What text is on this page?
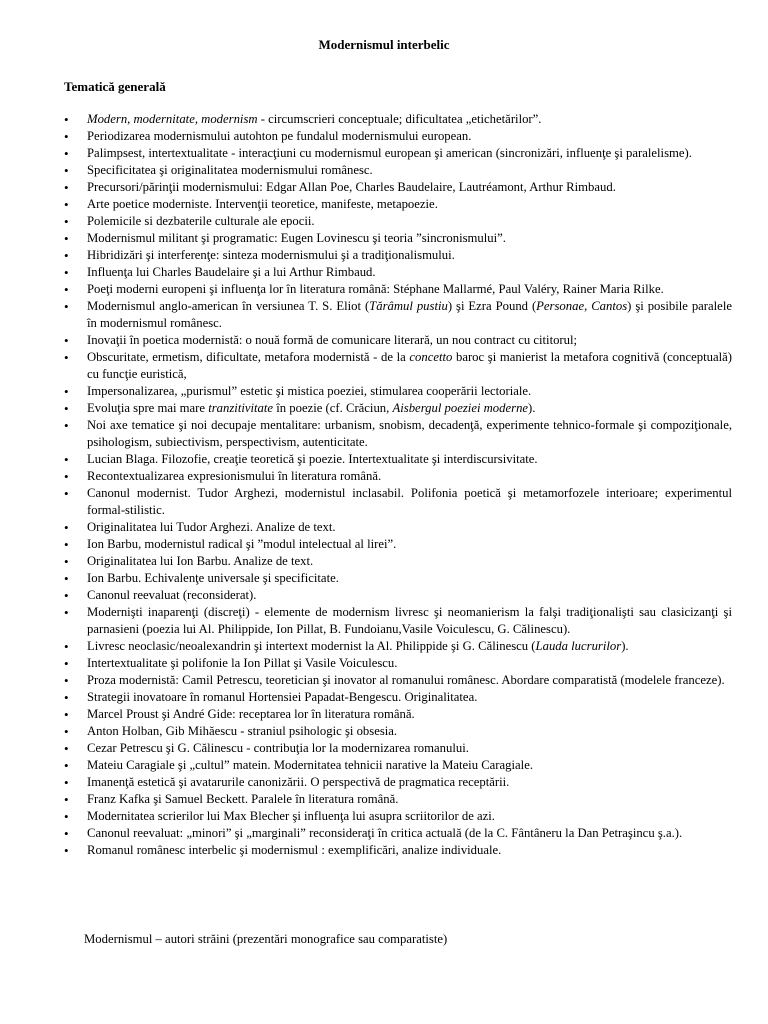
Modernismul interbelic
Tematică generală
• Modern, modernitate, modernism - circumscrieri conceptuale; dificultatea „etichetărilor”.
• Periodizarea modernismului autohton pe fundalul modernismului european.
• Palimpsest, intertextualitate - interacţiuni cu modernismul european şi american (sincronizări, influenţe şi paralelisme).
• Specificitatea şi originalitatea modernismului românesc.
• Precursori/părinţii modernismului: Edgar Allan Poe, Charles Baudelaire, Lautréamont, Arthur Rimbaud.
• Arte poetice moderniste. Intervenţii teoretice, manifeste, metapoezie.
• Polemicile si dezbaterile culturale ale epocii.
• Modernismul militant şi programatic: Eugen Lovinescu şi teoria ”sincronismului”.
• Hibridizări şi interferenţe: sinteza modernismului şi a tradiţionalismului.
• Influenţa lui Charles Baudelaire şi a lui Arthur Rimbaud.
• Poeţi moderni europeni şi influenţa lor în literatura română: Stéphane Mallarmé, Paul Valéry, Rainer Maria Rilke.
• Modernismul anglo-american în versiunea T. S. Eliot (Tărâmul pustiu) şi Ezra Pound (Personae, Cantos) şi posibile paralele în modernismul românesc.
• Inovaţii în poetica modernistă: o nouă formă de comunicare literară, un nou contract cu cititorul;
• Obscuritate, ermetism, dificultate, metafora modernistă - de la concetto baroc şi manierist la metafora cognitivă (conceptuală) cu funcţie euristică,
• Impersonalizarea, „purismul” estetic şi mistica poeziei, stimularea cooperării lectoriale.
• Evoluţia spre mai mare tranzitivitate în poezie (cf. Crăciun, Aisbergul poeziei moderne).
• Noi axe tematice şi noi decupaje mentalitare: urbanism, snobism, decadenţă, experimente tehnico-formale şi compoziţionale, psihologism, subiectivism, perspectivism, autenticitate.
• Lucian Blaga. Filozofie, creaţie teoretică şi poezie. Intertextualitate şi interdiscursivitate.
• Recontextualizarea expresionismului în literatura română.
• Canonul modernist. Tudor Arghezi, modernistul inclasabil. Polifonia poetică şi metamorfozele interioare; experimentul formal-stilistic.
• Originalitatea lui Tudor Arghezi. Analize de text.
• Ion Barbu, modernistul radical şi ”modul intelectual al lirei”.
• Originalitatea lui Ion Barbu. Analize de text.
• Ion Barbu. Echivalenţe universale şi specificitate.
• Canonul reevaluat (reconsiderat).
• Modernişti inaparenţi (discreţi) - elemente de modernism livresc şi neomanierism la falşi tradiţionalişti sau clasicizanţi şi parnasieni (poezia lui Al. Philippide, Ion Pillat, B. Fundoianu,Vasile Voiculescu, G. Călinescu).
• Livresc neoclasic/neoalexandrin şi intertext modernist la Al. Philippide şi G. Călinescu (Lauda lucrurilor).
• Intertextualitate şi polifonie la Ion Pillat şi Vasile Voiculescu.
• Proza modernistă: Camil Petrescu, teoretician şi inovator al romanului românesc. Abordare comparatistă (modelele franceze).
• Strategii inovatoare în romanul Hortensiei Papadat-Bengescu. Originalitatea.
• Marcel Proust şi André Gide: receptarea lor în literatura română.
• Anton Holban, Gib Mihăescu - straniul psihologic şi obsesia.
• Cezar Petrescu şi G. Călinescu - contribuţia lor la modernizarea romanului.
• Mateiu Caragiale şi „cultul” matein. Modernitatea tehnicii narative la Mateiu Caragiale.
• Imanenţă estetică şi avatarurile canonizării. O perspectivă de pragmatica receptării.
• Franz Kafka şi Samuel Beckett. Paralele în literatura română.
• Modernitatea scrierilor lui Max Blecher şi influenţa lui asupra scriitorilor de azi.
• Canonul reevaluat: „minori” şi „marginali” reconsideraţi în critica actuală (de la C. Fântâneru la Dan Petraşincu ş.a.).
• Romanul românesc interbelic şi modernismul : exemplificări, analize individuale.
Modernismul – autori străini (prezentări monografice sau comparatiste)
